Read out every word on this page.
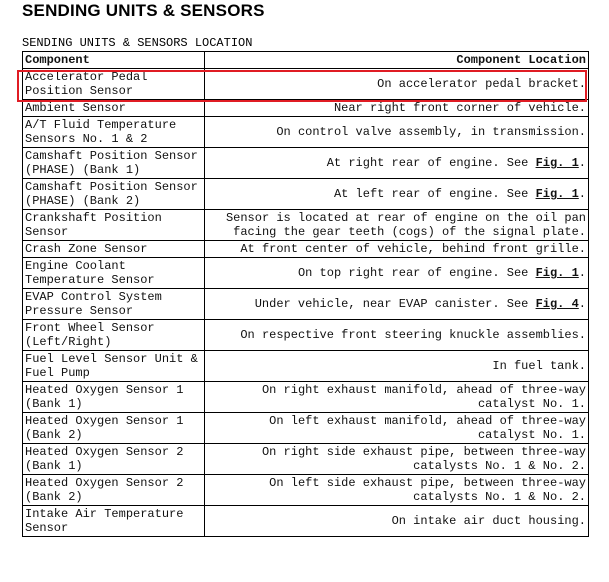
SENDING UNITS & SENSORS
SENDING UNITS & SENSORS LOCATION
Component	Component Location
Accelerator Pedal Position Sensor	On accelerator pedal bracket.
Ambient Sensor	Near right front corner of vehicle.
A/T Fluid Temperature Sensors No. 1 & 2	On control valve assembly, in transmission.
Camshaft Position Sensor (PHASE) (Bank 1)	At right rear of engine. See Fig. 1.
Camshaft Position Sensor (PHASE) (Bank 2)	At left rear of engine. See Fig. 1.
Crankshaft Position Sensor	Sensor is located at rear of engine on the oil pan facing the gear teeth (cogs) of the signal plate.
Crash Zone Sensor	At front center of vehicle, behind front grille.
Engine Coolant Temperature Sensor	On top right rear of engine. See Fig. 1.
EVAP Control System Pressure Sensor	Under vehicle, near EVAP canister. See Fig. 4.
Front Wheel Sensor (Left/Right)	On respective front steering knuckle assemblies.
Fuel Level Sensor Unit & Fuel Pump	In fuel tank.
Heated Oxygen Sensor 1 (Bank 1)	On right exhaust manifold, ahead of three-way catalyst No. 1.
Heated Oxygen Sensor 1 (Bank 2)	On left exhaust manifold, ahead of three-way catalyst No. 1.
Heated Oxygen Sensor 2 (Bank 1)	On right side exhaust pipe, between three-way catalysts No. 1 & No. 2.
Heated Oxygen Sensor 2 (Bank 2)	On left side exhaust pipe, between three-way catalysts No. 1 & No. 2.
Intake Air Temperature Sensor	On intake air duct housing.
